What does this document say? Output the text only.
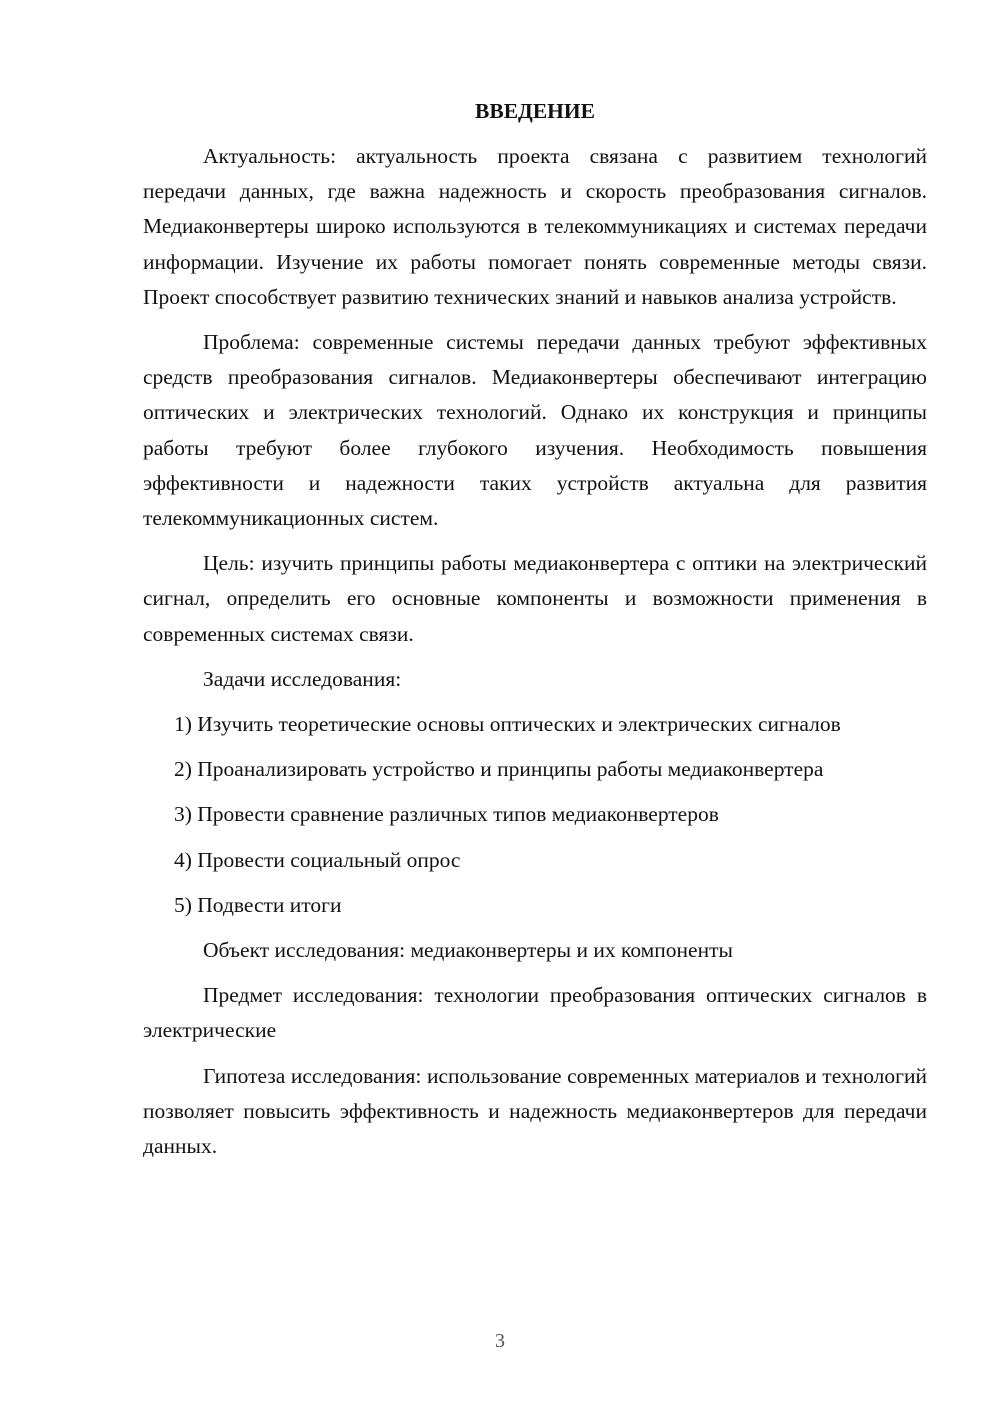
ВВЕДЕНИЕ

Актуальность: актуальность проекта связана с развитием технологий передачи данных, где важна надежность и скорость преобразования сигналов. Медиаконвертеры широко используются в телекоммуникациях и системах передачи информации. Изучение их работы помогает понять современные методы связи. Проект способствует развитию технических знаний и навыков анализа устройств.

Проблема: современные системы передачи данных требуют эффективных средств преобразования сигналов. Медиаконвертеры обеспечивают интеграцию оптических и электрических технологий. Однако их конструкция и принципы работы требуют более глубокого изучения. Необходимость повышения эффективности и надежности таких устройств актуальна для развития телекоммуникационных систем.

Цель: изучить принципы работы медиаконвертера с оптики на электрический сигнал, определить его основные компоненты и возможности применения в современных системах связи.

Задачи исследования:

1) Изучить теоретические основы оптических и электрических сигналов

2) Проанализировать устройство и принципы работы медиаконвертера

3) Провести сравнение различных типов медиаконвертеров

4) Провести социальный опрос

5) Подвести итоги

Объект исследования: медиаконвертеры и их компоненты

Предмет исследования: технологии преобразования оптических сигналов в электрические

Гипотеза исследования: использование современных материалов и технологий позволяет повысить эффективность и надежность медиаконвертеров для передачи данных.

3
